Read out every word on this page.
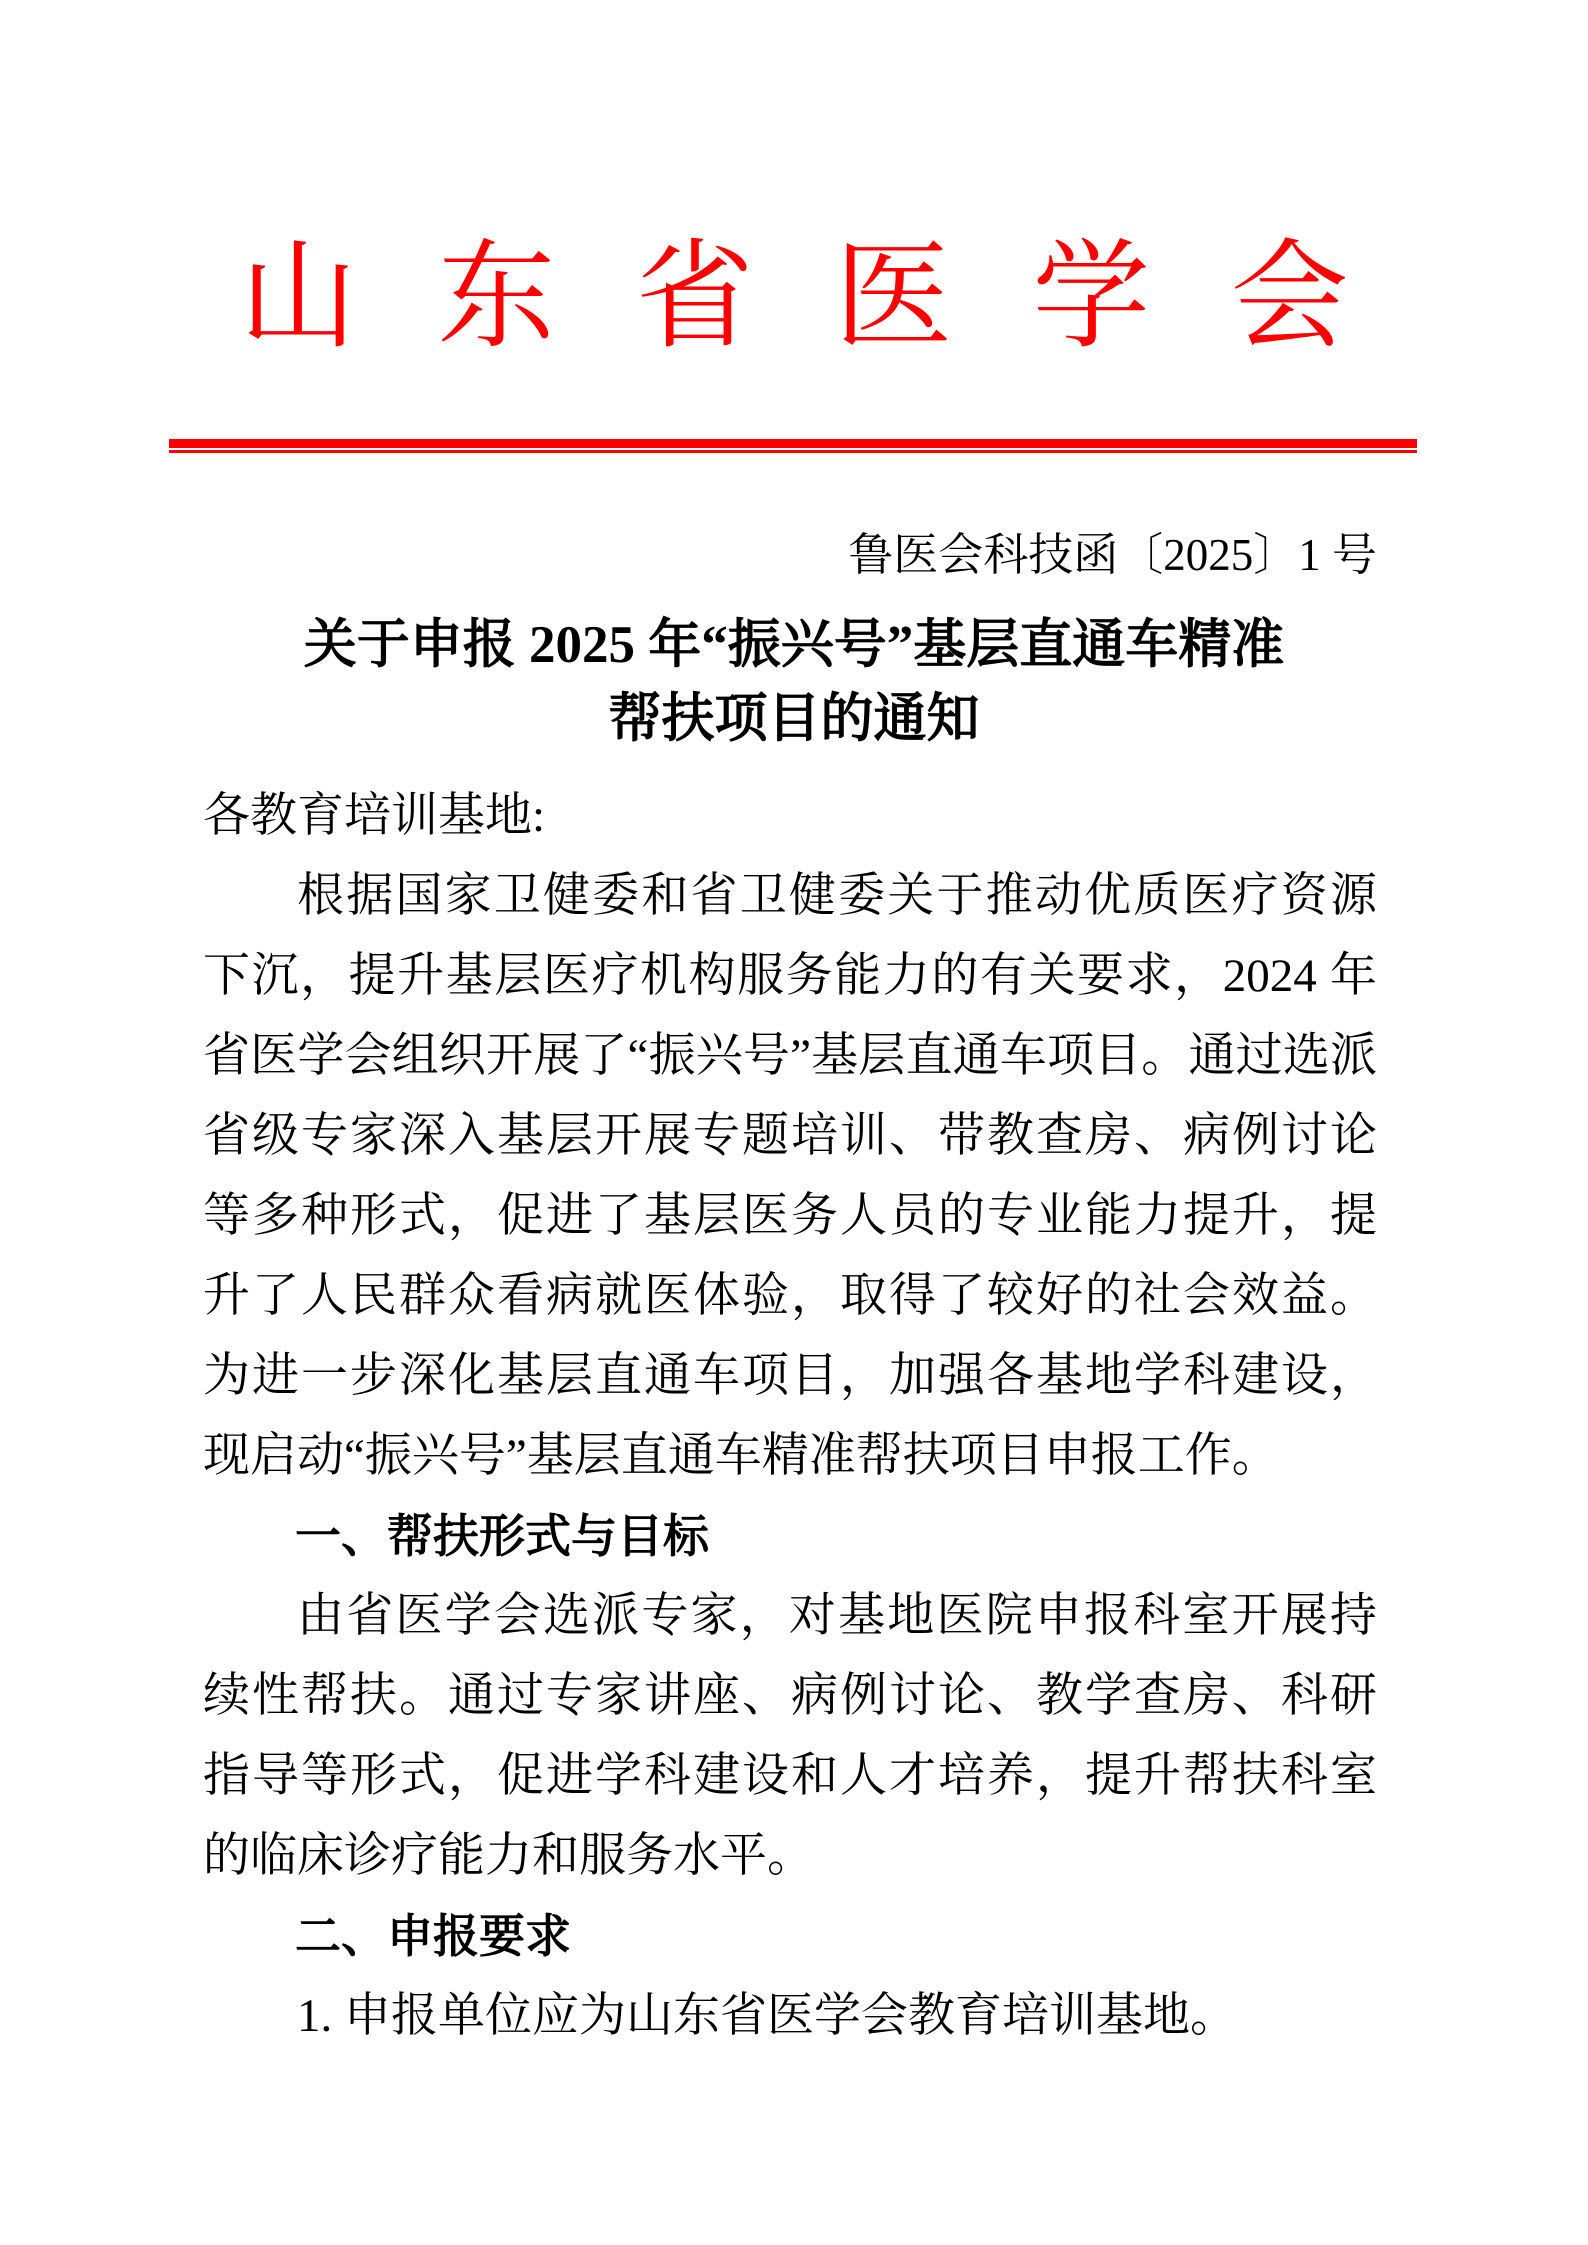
山东省医学会
鲁医会科技函〔2025〕1 号
关于申报 2025 年“振兴号”基层直通车精准
帮扶项目的通知

各教育培训基地:

根据国家卫健委和省卫健委关于推动优质医疗资源下沉，提升基层医疗机构服务能力的有关要求，2024 年省医学会组织开展了“振兴号”基层直通车项目。通过选派省级专家深入基层开展专题培训、带教查房、病例讨论等多种形式，促进了基层医务人员的专业能力提升，提升了人民群众看病就医体验，取得了较好的社会效益。为进一步深化基层直通车项目，加强各基地学科建设，现启动“振兴号”基层直通车精准帮扶项目申报工作。

一、帮扶形式与目标

由省医学会选派专家，对基地医院申报科室开展持续性帮扶。通过专家讲座、病例讨论、教学查房、科研指导等形式，促进学科建设和人才培养，提升帮扶科室的临床诊疗能力和服务水平。

二、申报要求

1. 申报单位应为山东省医学会教育培训基地。
